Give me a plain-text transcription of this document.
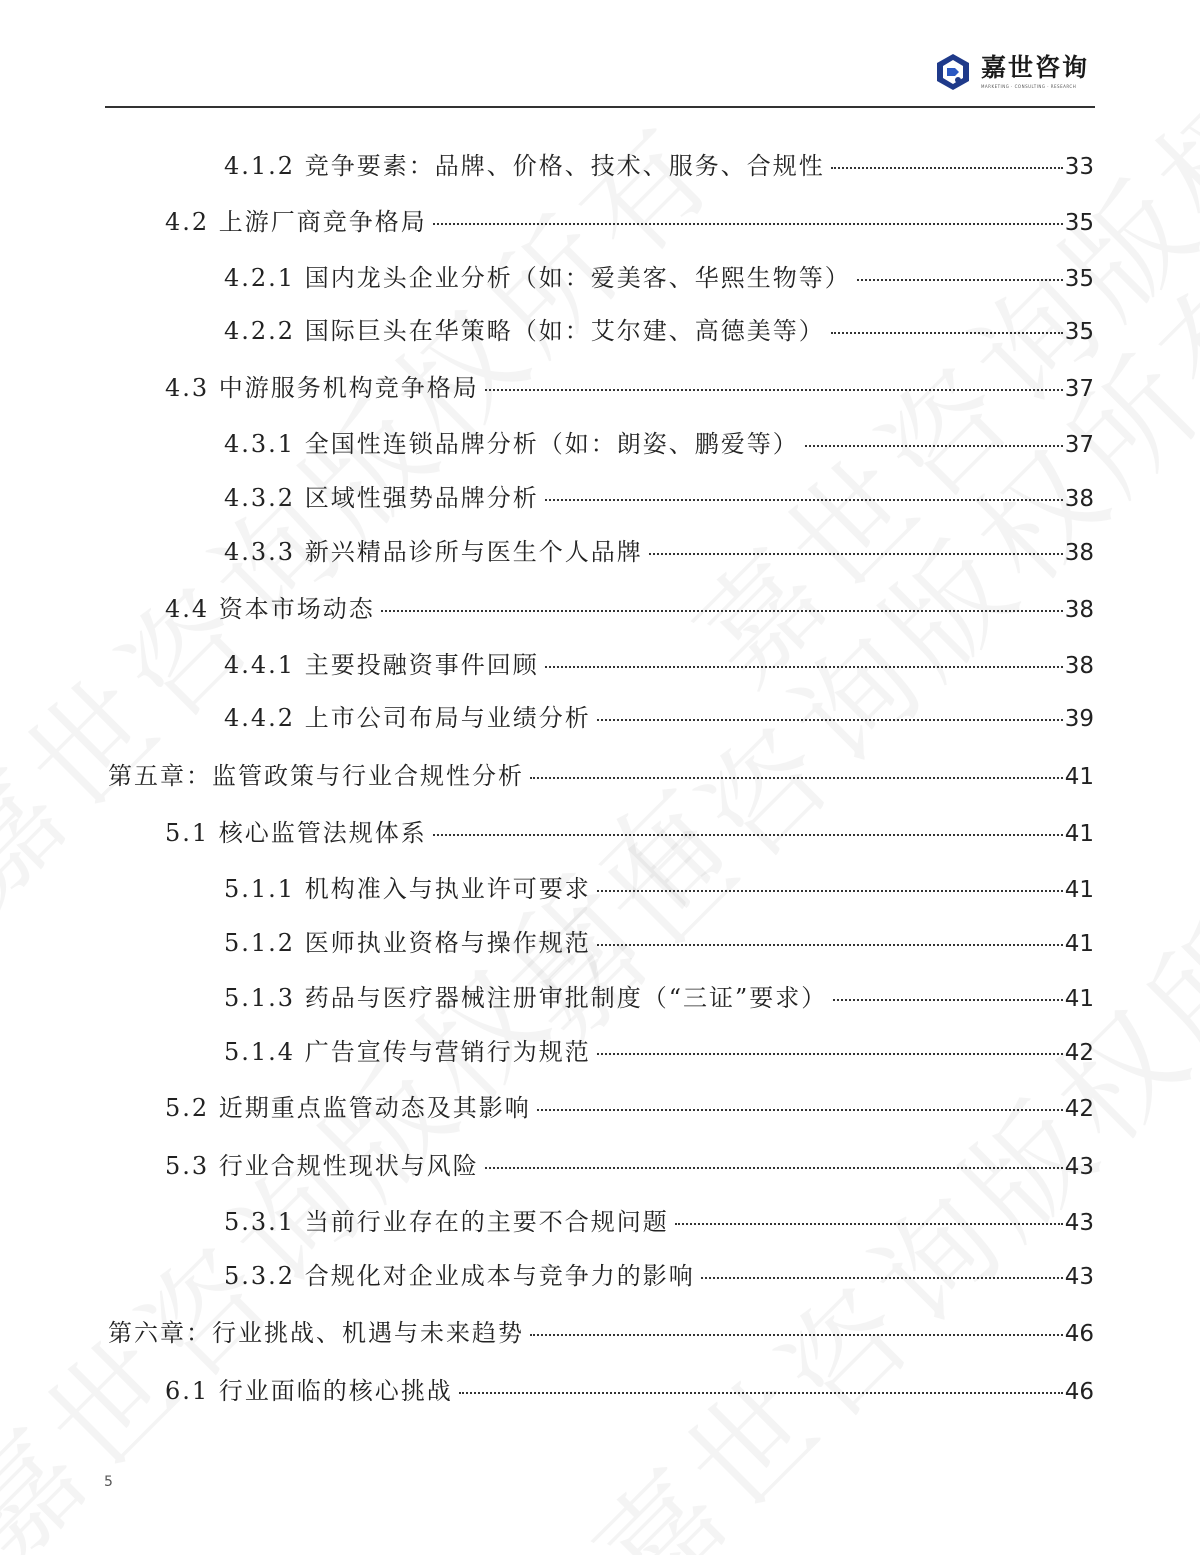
嘉世咨询
MARKETING · CONSULTING · RESEARCH
4.1.2 竞争要素：品牌、价格、技术、服务、合规性	33
4.2 上游厂商竞争格局	35
4.2.1 国内龙头企业分析（如：爱美客、华熙生物等）	35
4.2.2 国际巨头在华策略（如：艾尔建、高德美等）	35
4.3 中游服务机构竞争格局	37
4.3.1 全国性连锁品牌分析（如：朗姿、鹏爱等）	37
4.3.2 区域性强势品牌分析	38
4.3.3 新兴精品诊所与医生个人品牌	38
4.4 资本市场动态	38
4.4.1 主要投融资事件回顾	38
4.4.2 上市公司布局与业绩分析	39
第五章：监管政策与行业合规性分析	41
5.1 核心监管法规体系	41
5.1.1 机构准入与执业许可要求	41
5.1.2 医师执业资格与操作规范	41
5.1.3 药品与医疗器械注册审批制度（“三证”要求）	41
5.1.4 广告宣传与营销行为规范	42
5.2 近期重点监管动态及其影响	42
5.3 行业合规性现状与风险	43
5.3.1 当前行业存在的主要不合规问题	43
5.3.2 合规化对企业成本与竞争力的影响	43
第六章：行业挑战、机遇与未来趋势	46
6.1 行业面临的核心挑战	46
5
